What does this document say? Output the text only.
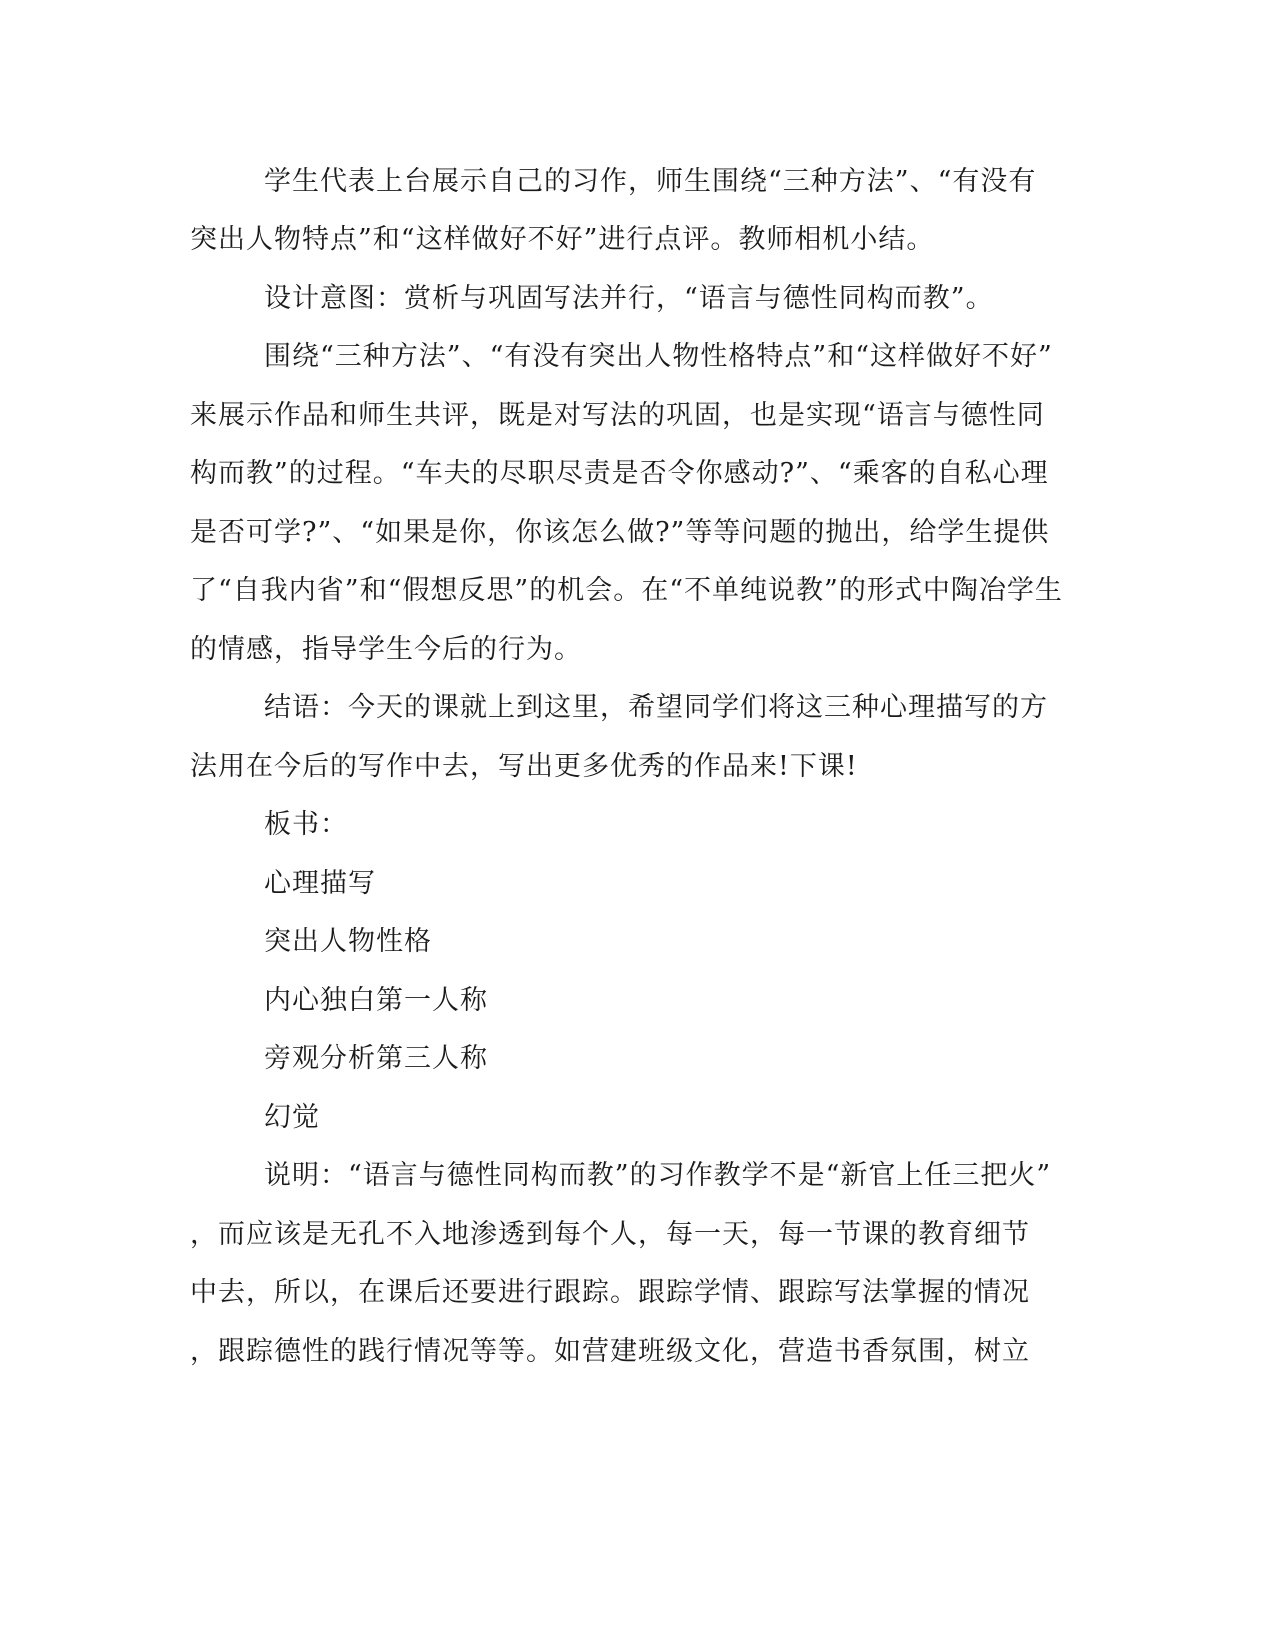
学生代表上台展示自己的习作，师生围绕“三种方法”、“有没有
突出人物特点”和“这样做好不好”进行点评。教师相机小结。
设计意图：赏析与巩固写法并行，“语言与德性同构而教”。
围绕“三种方法”、“有没有突出人物性格特点”和“这样做好不好”
来展示作品和师生共评，既是对写法的巩固，也是实现“语言与德性同
构而教”的过程。“车夫的尽职尽责是否令你感动?”、“乘客的自私心理
是否可学?”、“如果是你，你该怎么做?”等等问题的抛出，给学生提供
了“自我内省”和“假想反思”的机会。在“不单纯说教”的形式中陶冶学生
的情感，指导学生今后的行为。
结语：今天的课就上到这里，希望同学们将这三种心理描写的方
法用在今后的写作中去，写出更多优秀的作品来!下课!
板书：
心理描写
突出人物性格
内心独白第一人称
旁观分析第三人称
幻觉
说明：“语言与德性同构而教”的习作教学不是“新官上任三把火”
，而应该是无孔不入地渗透到每个人，每一天，每一节课的教育细节
中去，所以，在课后还要进行跟踪。跟踪学情、跟踪写法掌握的情况
，跟踪德性的践行情况等等。如营建班级文化，营造书香氛围，树立
